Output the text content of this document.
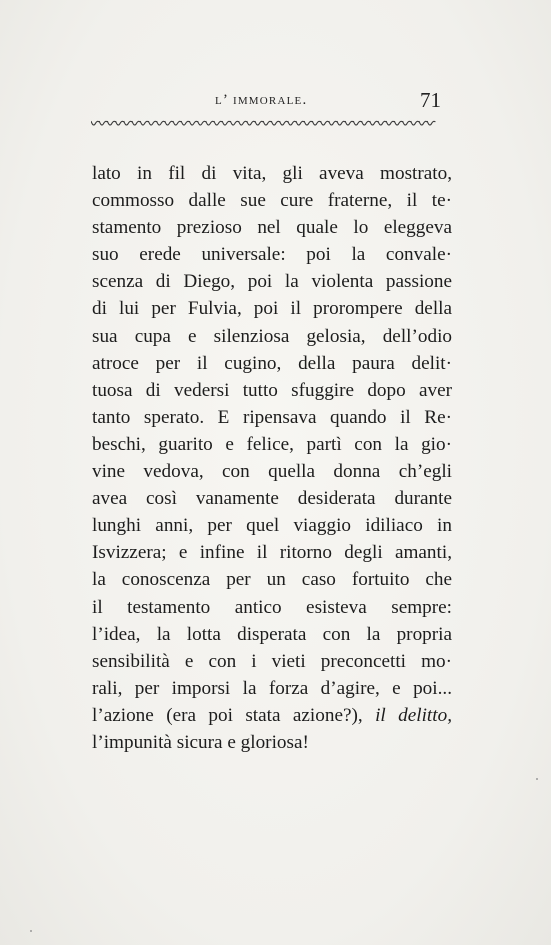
l’ immorale.	71
lato in fil di vita, gli aveva mostrato,
commosso dalle sue cure fraterne, il te·
stamento prezioso nel quale lo eleggeva
suo erede universale: poi la convale·
scenza di Diego, poi la violenta passione
di lui per Fulvia, poi il prorompere della
sua cupa e silenziosa gelosia, dell’odio
atroce per il cugino, della paura delit·
tuosa di vedersi tutto sfuggire dopo aver
tanto sperato. E ripensava quando il Re·
beschi, guarito e felice, partì con la gio·
vine vedova, con quella donna ch’egli
avea così vanamente desiderata durante
lunghi anni, per quel viaggio idiliaco in
Isvizzera; e infine il ritorno degli amanti,
la conoscenza per un caso fortuito che
il testamento antico esisteva sempre:
l’idea, la lotta disperata con la propria
sensibilità e con i vieti preconcetti mo·
rali, per imporsi la forza d’agire, e poi...
l’azione (era poi stata azione?), il delitto,
l’impunità sicura e gloriosa!
